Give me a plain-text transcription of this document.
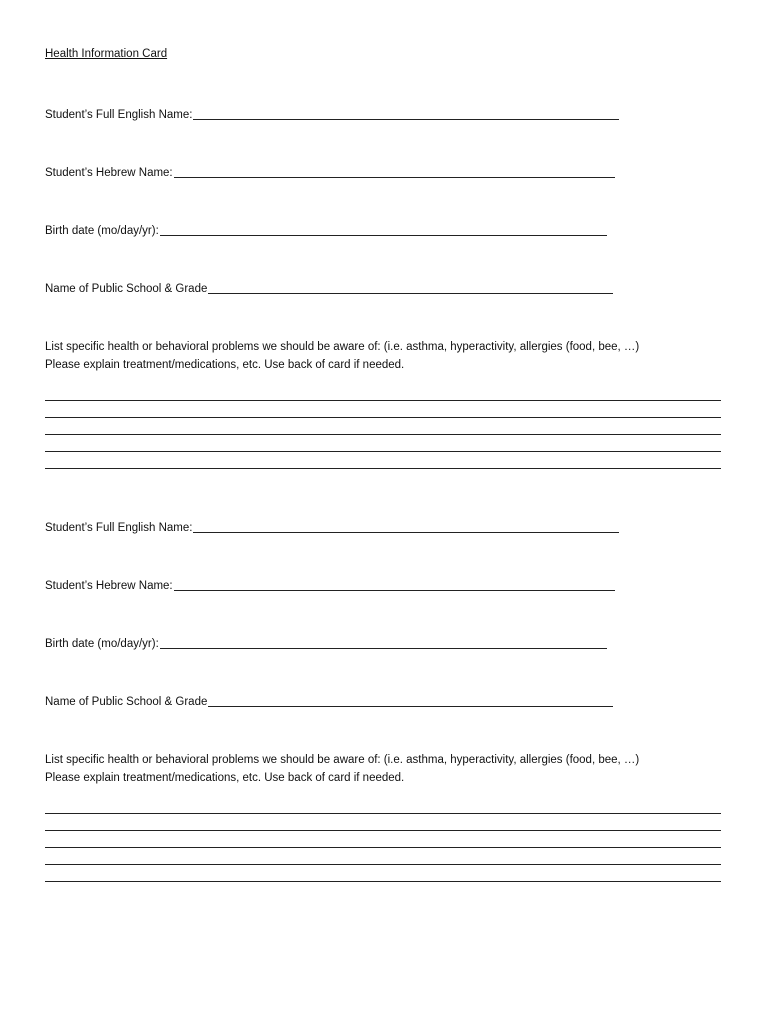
Health Information Card
Student’s Full English Name:
Student’s Hebrew Name:
Birth date (mo/day/yr):
Name of Public School & Grade
List specific health or behavioral problems we should be aware of: (i.e. asthma, hyperactivity, allergies (food, bee, …)
Please explain treatment/medications, etc. Use back of card if needed.
Student’s Full English Name:
Student’s Hebrew Name:
Birth date (mo/day/yr):
Name of Public School & Grade
List specific health or behavioral problems we should be aware of: (i.e. asthma, hyperactivity, allergies (food, bee, …)
Please explain treatment/medications, etc. Use back of card if needed.
